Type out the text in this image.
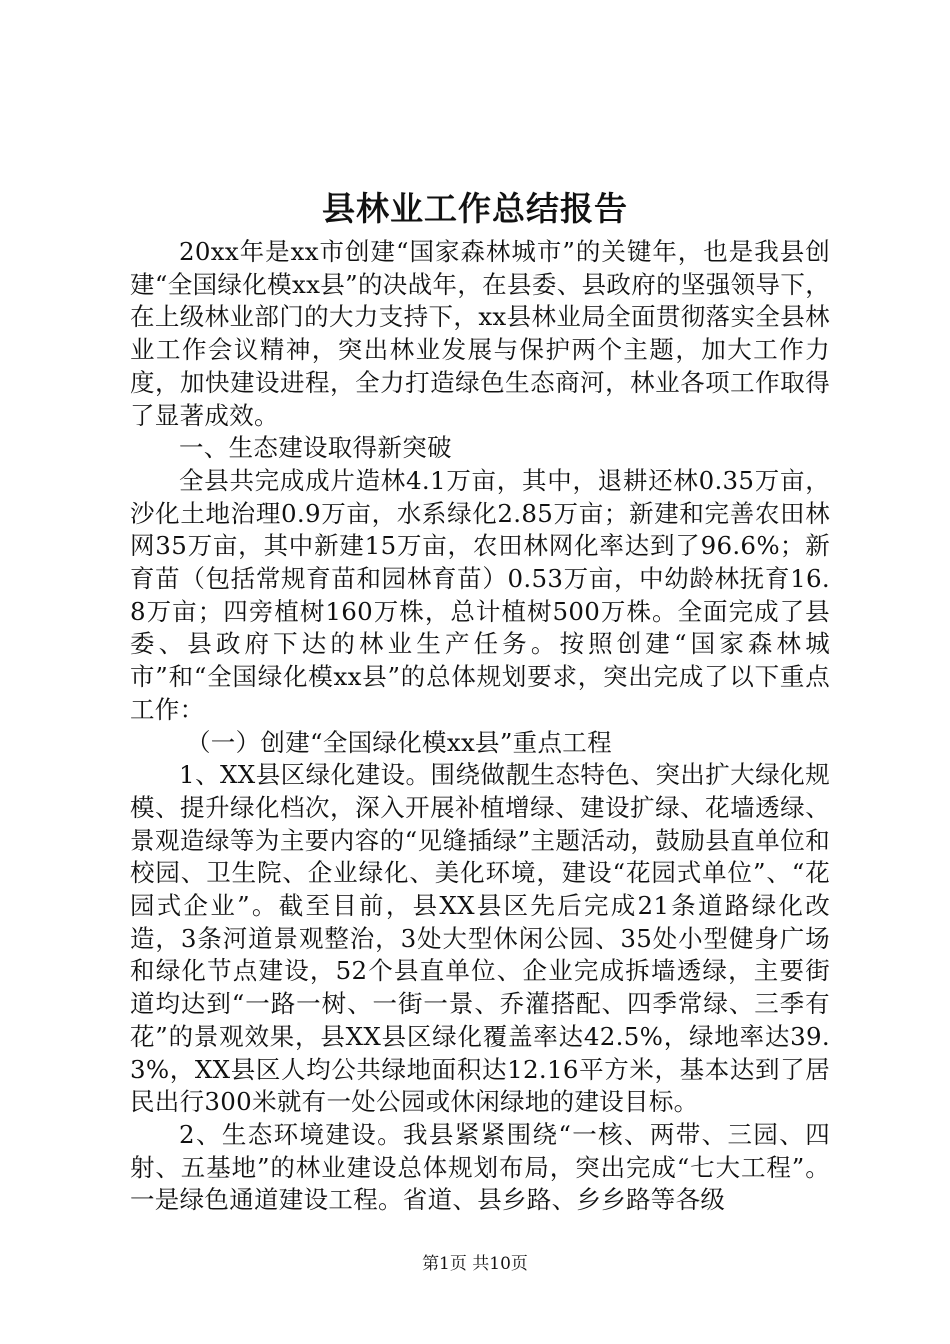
县林业工作总结报告

20xx年是xx市创建“国家森林城市”的关键年，也是我县创建“全国绿化模xx县”的决战年，在县委、县政府的坚强领导下，在上级林业部门的大力支持下，xx县林业局全面贯彻落实全县林业工作会议精神，突出林业发展与保护两个主题，加大工作力度，加快建设进程，全力打造绿色生态商河，林业各项工作取得了显著成效。

一、生态建设取得新突破

全县共完成成片造林4.1万亩，其中，退耕还林0.35万亩，沙化土地治理0.9万亩，水系绿化2.85万亩；新建和完善农田林网35万亩，其中新建15万亩，农田林网化率达到了96.6%；新育苗（包括常规育苗和园林育苗）0.53万亩，中幼龄林抚育16.8万亩；四旁植树160万株，总计植树500万株。全面完成了县委、县政府下达的林业生产任务。按照创建“国家森林城市”和“全国绿化模xx县”的总体规划要求，突出完成了以下重点工作：

（一）创建“全国绿化模xx县”重点工程

1、XX县区绿化建设。围绕做靓生态特色、突出扩大绿化规模、提升绿化档次，深入开展补植增绿、建设扩绿、花墙透绿、景观造绿等为主要内容的“见缝插绿”主题活动，鼓励县直单位和校园、卫生院、企业绿化、美化环境，建设“花园式单位”、“花园式企业”。截至目前，县XX县区先后完成21条道路绿化改造，3条河道景观整治，3处大型休闲公园、35处小型健身广场和绿化节点建设，52个县直单位、企业完成拆墙透绿，主要街道均达到“一路一树、一街一景、乔灌搭配、四季常绿、三季有花”的景观效果，县XX县区绿化覆盖率达42.5%，绿地率达39.3%，XX县区人均公共绿地面积达12.16平方米，基本达到了居民出行300米就有一处公园或休闲绿地的建设目标。

2、生态环境建设。我县紧紧围绕“一核、两带、三园、四射、五基地”的林业建设总体规划布局，突出完成“七大工程”。一是绿色通道建设工程。省道、县乡路、乡乡路等各级

第1页 共10页
